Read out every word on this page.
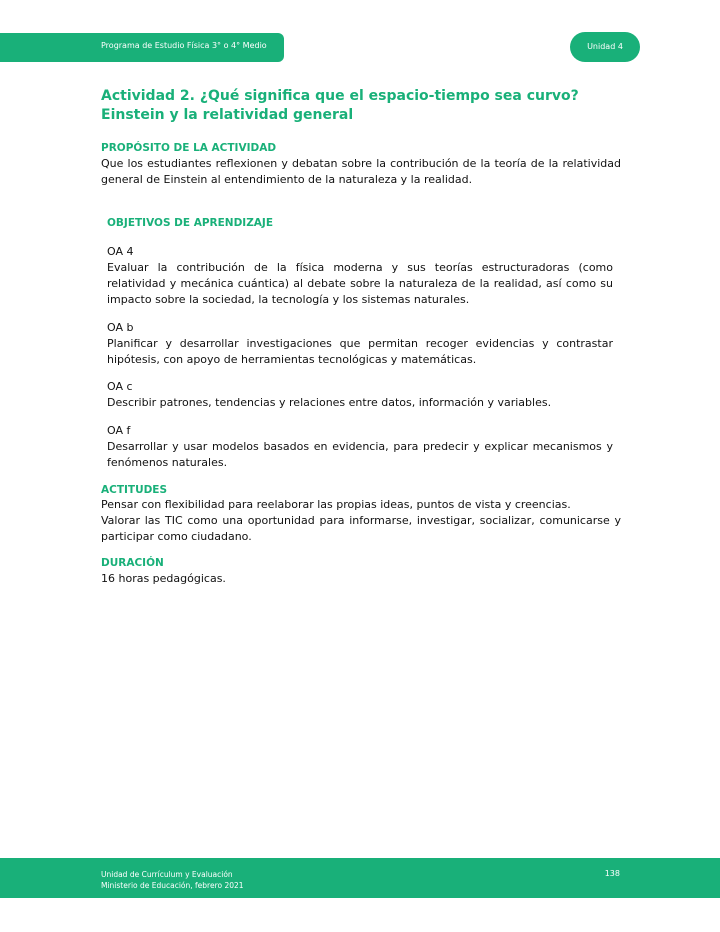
Programa de Estudio Física 3° o 4° Medio	Unidad 4
Actividad 2. ¿Qué significa que el espacio-tiempo sea curvo? Einstein y la relatividad general
PROPÓSITO DE LA ACTIVIDAD

Que los estudiantes reflexionen y debatan sobre la contribución de la teoría de la relatividad general de Einstein al entendimiento de la naturaleza y la realidad.

OBJETIVOS DE APRENDIZAJE

OA 4

Evaluar la contribución de la física moderna y sus teorías estructuradoras (como relatividad y mecánica cuántica) al debate sobre la naturaleza de la realidad, así como su impacto sobre la sociedad, la tecnología y los sistemas naturales.

OA b

Planificar y desarrollar investigaciones que permitan recoger evidencias y contrastar hipótesis, con apoyo de herramientas tecnológicas y matemáticas.

OA c

Describir patrones, tendencias y relaciones entre datos, información y variables.

OA f

Desarrollar y usar modelos basados en evidencia, para predecir y explicar mecanismos y fenómenos naturales.

ACTITUDES

Pensar con flexibilidad para reelaborar las propias ideas, puntos de vista y creencias.

Valorar las TIC como una oportunidad para informarse, investigar, socializar, comunicarse y participar como ciudadano.

DURACIÓN

16 horas pedagógicas.

Unidad de Currículum y Evaluación
Ministerio de Educación, febrero 2021
138
